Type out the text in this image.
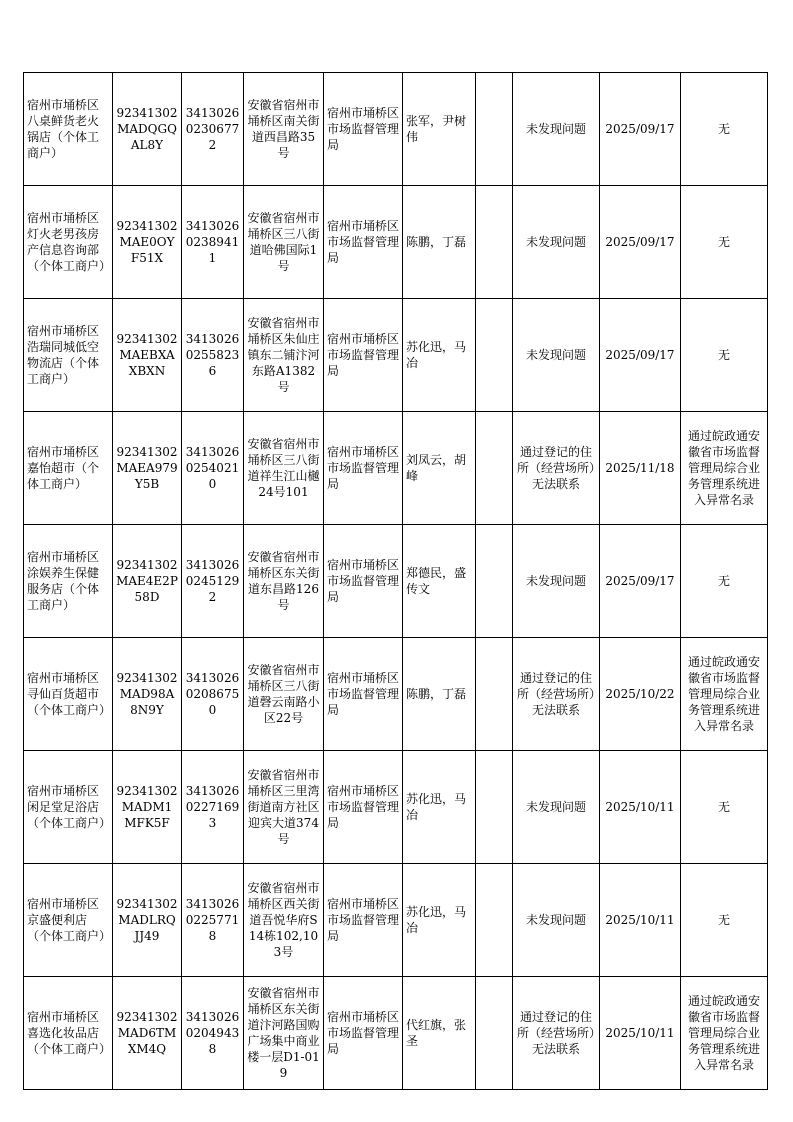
宿州市埇桥区八桌鲜货老火锅店（个体工商户）	92341302MADQGQAL8Y	341302602306772	安徽省宿州市埇桥区南关街道西昌路35号	宿州市埇桥区市场监督管理局	张军，尹树伟		未发现问题	2025/09/17	无
宿州市埇桥区灯火老男孩房产信息咨询部（个体工商户）	92341302MAE0OYF51X	341302602389411	安徽省宿州市埇桥区三八街道哈佛国际1号	宿州市埇桥区市场监督管理局	陈鹏，丁磊		未发现问题	2025/09/17	无
宿州市埇桥区浩瑞同城低空物流店（个体工商户）	92341302MAEBXAXBXN	341302602558236	安徽省宿州市埇桥区朱仙庄镇东二铺汴河东路A1382号	宿州市埇桥区市场监督管理局	苏化迅，马冶		未发现问题	2025/09/17	无
宿州市埇桥区嘉怡超市（个体工商户）	92341302MAEA979Y5B	341302602540210	安徽省宿州市埇桥区三八街道祥生江山樾24号101	宿州市埇桥区市场监督管理局	刘凤云，胡峰		通过登记的住所（经营场所）无法联系	2025/11/18	通过皖政通安徽省市场监督管理局综合业务管理系统进入异常名录
宿州市埇桥区涂娱养生保健服务店（个体工商户）	92341302MAE4E2P58D	341302602451292	安徽省宿州市埇桥区东关街道东昌路126号	宿州市埇桥区市场监督管理局	郑德民，盛传文		未发现问题	2025/09/17	无
宿州市埇桥区寻仙百货超市（个体工商户）	92341302MAD98A8N9Y	341302602086750	安徽省宿州市埇桥区三八街道磬云南路小区22号	宿州市埇桥区市场监督管理局	陈鹏，丁磊		通过登记的住所（经营场所）无法联系	2025/10/22	通过皖政通安徽省市场监督管理局综合业务管理系统进入异常名录
宿州市埇桥区闲足堂足浴店（个体工商户）	92341302MADM1MFK5F	341302602271693	安徽省宿州市埇桥区三里湾街道南方社区迎宾大道374号	宿州市埇桥区市场监督管理局	苏化迅，马冶		未发现问题	2025/10/11	无
宿州市埇桥区京盛便利店（个体工商户）	92341302MADLRQJJ49	341302602257718	安徽省宿州市埇桥区西关街道吾悦华府S14栋102,103号	宿州市埇桥区市场监督管理局	苏化迅，马冶		未发现问题	2025/10/11	无
宿州市埇桥区喜选化妆品店（个体工商户）	92341302MAD6TMXM4Q	341302602049438	安徽省宿州市埇桥区东关街道汴河路国购广场集中商业楼一层D1-019	宿州市埇桥区市场监督管理局	代红旗，张圣		通过登记的住所（经营场所）无法联系	2025/10/11	通过皖政通安徽省市场监督管理局综合业务管理系统进入异常名录
